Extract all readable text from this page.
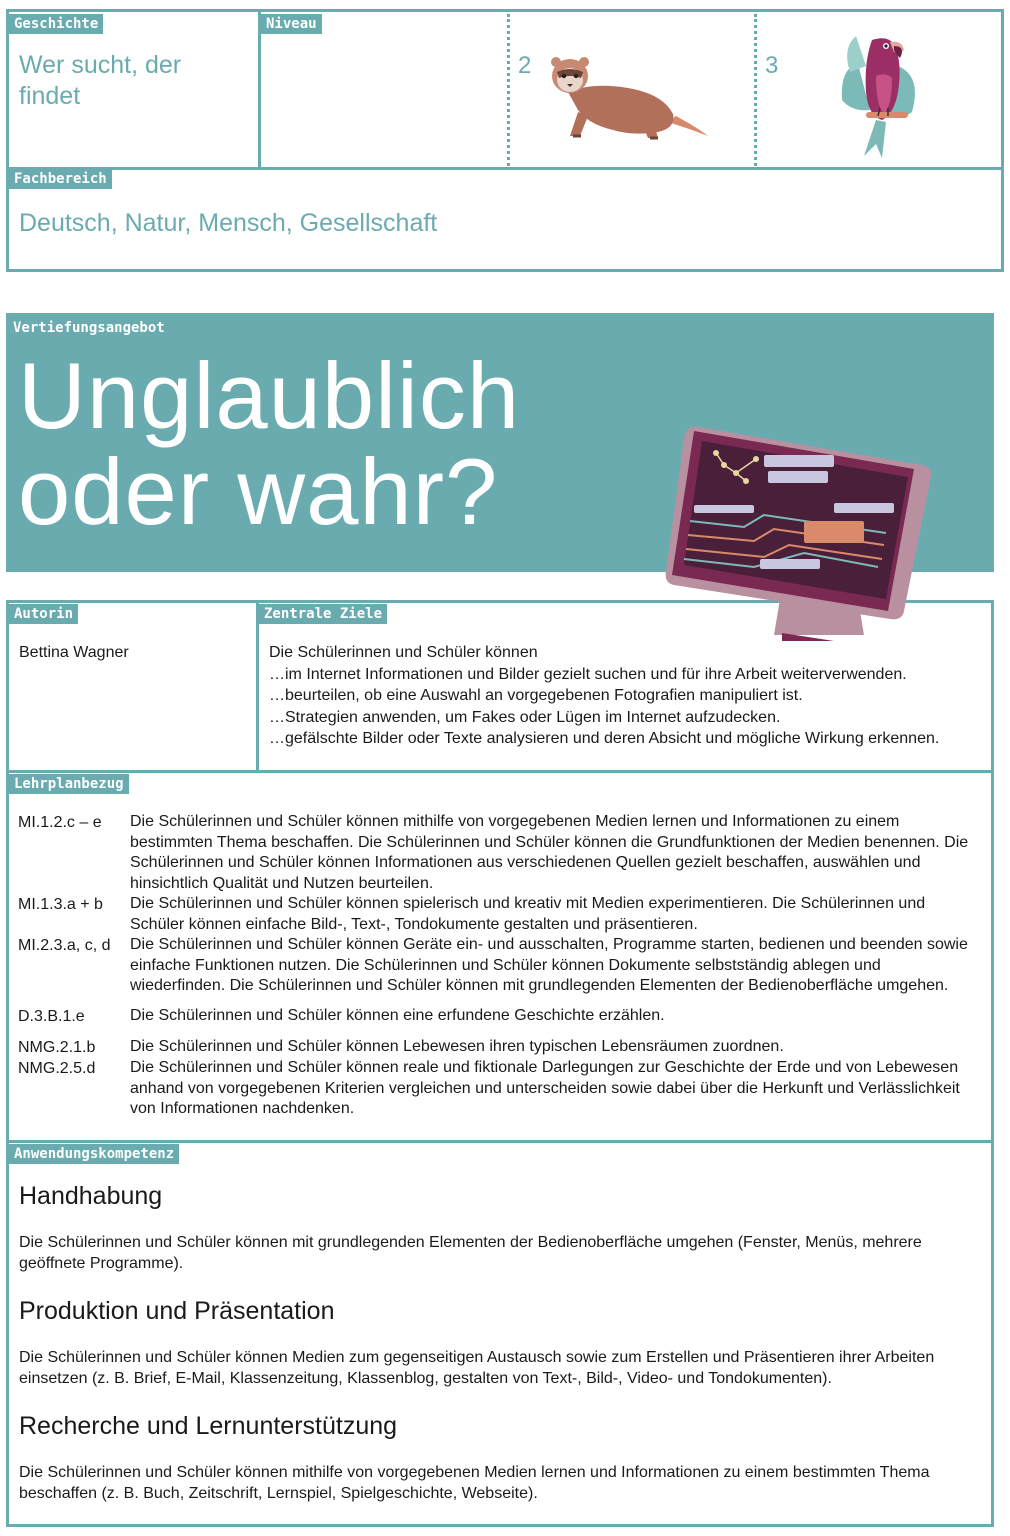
Geschichte
Wer sucht, der findet
Niveau
2	3
Fachbereich
Deutsch, Natur, Mensch, Gesellschaft
Vertiefungsangebot
Unglaublich
oder wahr?
Autorin
Bettina Wagner
Zentrale Ziele
Die Schülerinnen und Schüler können
…im Internet Informationen und Bilder gezielt suchen und für ihre Arbeit weiterverwenden.
…beurteilen, ob eine Auswahl an vorgegebenen Fotografien manipuliert ist.
…Strategien anwenden, um Fakes oder Lügen im Internet aufzudecken.
…gefälschte Bilder oder Texte analysieren und deren Absicht und mögliche Wirkung erkennen.
Lehrplanbezug
MI.1.2.c – e Die Schülerinnen und Schüler können mithilfe von vorgegebenen Medien lernen und Informationen zu einem bestimmten Thema beschaffen. Die Schülerinnen und Schüler können die Grundfunktionen der Medien benennen. Die Schülerinnen und Schüler können Informationen aus verschiedenen Quellen gezielt beschaffen, auswählen und hinsichtlich Qualität und Nutzen beurteilen.
MI.1.3.a + b Die Schülerinnen und Schüler können spielerisch und kreativ mit Medien experimentieren. Die Schülerinnen und Schüler können einfache Bild-, Text-, Tondokumente gestalten und präsentieren.
MI.2.3.a, c, d Die Schülerinnen und Schüler können Geräte ein- und ausschalten, Programme starten, bedienen und beenden sowie einfache Funktionen nutzen. Die Schülerinnen und Schüler können Dokumente selbstständig ablegen und wiederfinden. Die Schülerinnen und Schüler können mit grundlegenden Elementen der Bedienoberfläche umgehen.
D.3.B.1.e	Die Schülerinnen und Schüler können eine erfundene Geschichte erzählen.
NMG.2.1.b Die Schülerinnen und Schüler können Lebewesen ihren typischen Lebensräumen zuordnen.
NMG.2.5.d Die Schülerinnen und Schüler können reale und fiktionale Darlegungen zur Geschichte der Erde und von Lebewesen anhand von vorgegebenen Kriterien vergleichen und unterscheiden sowie dabei über die Herkunft und Verlässlichkeit von Informationen nachdenken.
Anwendungskompetenz
Handhabung
Die Schülerinnen und Schüler können mit grundlegenden Elementen der Bedienoberfläche umgehen (Fenster, Menüs, mehrere geöffnete Programme).
Produktion und Präsentation
Die Schülerinnen und Schüler können Medien zum gegenseitigen Austausch sowie zum Erstellen und Präsentieren ihrer Arbeiten einsetzen (z. B. Brief, E-Mail, Klassenzeitung, Klassenblog, gestalten von Text-, Bild-, Video- und Tondokumenten).
Recherche und Lernunterstützung
Die Schülerinnen und Schüler können mithilfe von vorgegebenen Medien lernen und Informationen zu einem bestimmten Thema beschaffen (z. B. Buch, Zeitschrift, Lernspiel, Spielgeschichte, Webseite).
